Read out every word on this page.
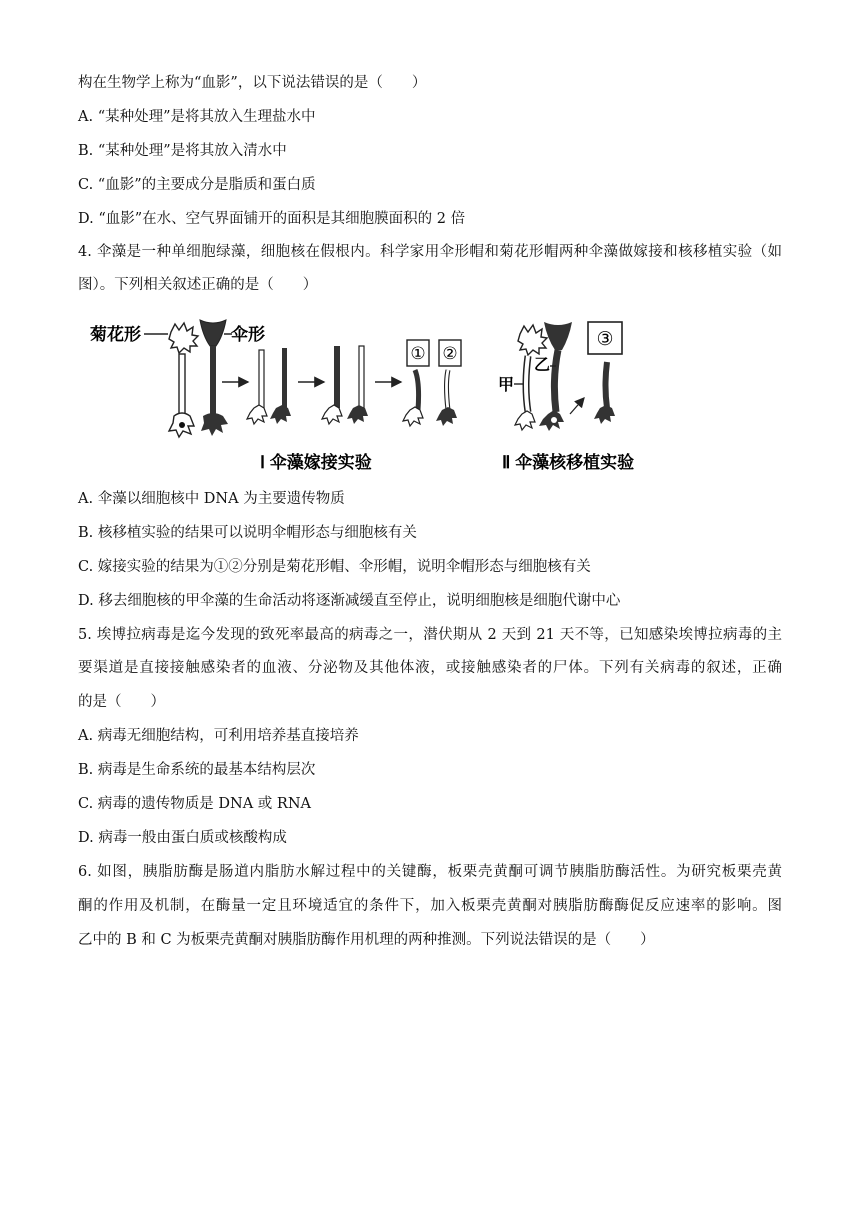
构在生物学上称为“血影”，以下说法错误的是（　　）
A. “某种处理”是将其放入生理盐水中
B. “某种处理”是将其放入清水中
C. “血影”的主要成分是脂质和蛋白质
D. “血影”在水、空气界面铺开的面积是其细胞膜面积的 2 倍
4. 伞藻是一种单细胞绿藻，细胞核在假根内。科学家用伞形帽和菊花形帽两种伞藻做嫁接和核移植实验（如
图）。下列相关叙述正确的是（　　）
菊花形	伞形
① ②
Ⅰ 伞藻嫁接实验
甲
乙
③
Ⅱ 伞藻核移植实验
A. 伞藻以细胞核中 DNA 为主要遗传物质
B. 核移植实验的结果可以说明伞帽形态与细胞核有关
C. 嫁接实验的结果为①②分别是菊花形帽、伞形帽，说明伞帽形态与细胞核有关
D. 移去细胞核的甲伞藻的生命活动将逐渐减缓直至停止，说明细胞核是细胞代谢中心
5. 埃博拉病毒是迄今发现的致死率最高的病毒之一，潜伏期从 2 天到 21 天不等，已知感染埃博拉病毒的主
要渠道是直接接触感染者的血液、分泌物及其他体液，或接触感染者的尸体。下列有关病毒的叙述，正确
的是（　　）
A. 病毒无细胞结构，可利用培养基直接培养
B. 病毒是生命系统的最基本结构层次
C. 病毒的遗传物质是 DNA 或 RNA
D. 病毒一般由蛋白质或核酸构成
6. 如图，胰脂肪酶是肠道内脂肪水解过程中的关键酶，板栗壳黄酮可调节胰脂肪酶活性。为研究板栗壳黄
酮的作用及机制，在酶量一定且环境适宜的条件下，加入板栗壳黄酮对胰脂肪酶酶促反应速率的影响。图
乙中的 B 和 C 为板栗壳黄酮对胰脂肪酶作用机理的两种推测。下列说法错误的是（　　）
